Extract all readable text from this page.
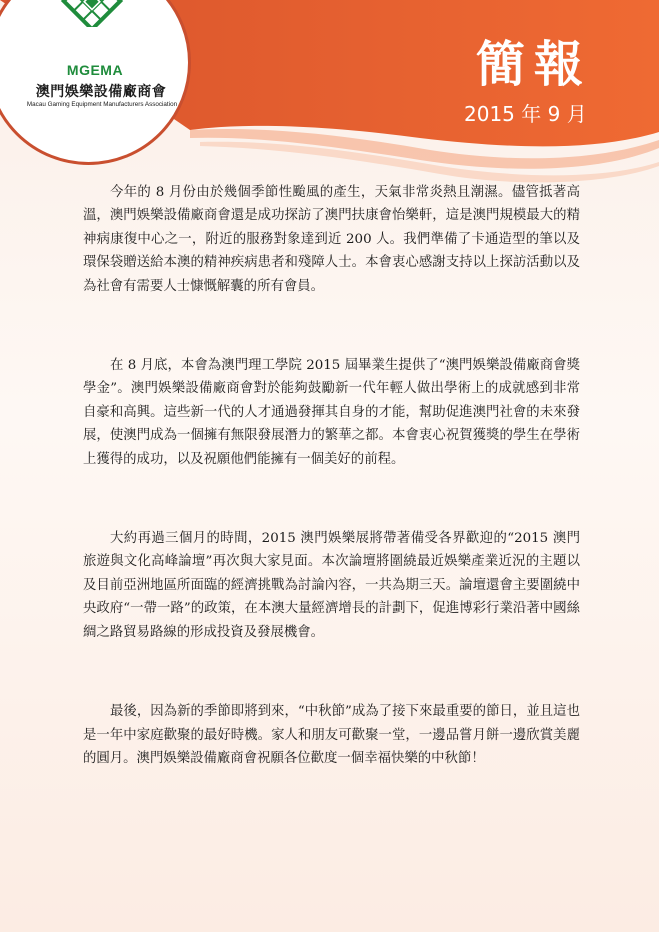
MGEMA
澳門娛樂設備廠商會
Macau Gaming Equipment Manufacturers Association
簡報
2015 年 9 月

今年的 8 月份由於幾個季節性颱風的產生，天氣非常炎熱且潮濕。儘管抵著高溫，澳門娛樂設備廠商會還是成功探訪了澳門扶康會怡樂軒，這是澳門規模最大的精神病康復中心之一，附近的服務對象達到近 200 人。我們準備了卡通造型的筆以及環保袋贈送給本澳的精神疾病患者和殘障人士。本會衷心感謝支持以上探訪活動以及為社會有需要人士慷慨解囊的所有會員。

在 8 月底，本會為澳門理工學院 2015 屆畢業生提供了“澳門娛樂設備廠商會獎學金”。澳門娛樂設備廠商會對於能夠鼓勵新一代年輕人做出學術上的成就感到非常自豪和高興。這些新一代的人才通過發揮其自身的才能，幫助促進澳門社會的未來發展，使澳門成為一個擁有無限發展潛力的繁華之都。本會衷心祝賀獲獎的學生在學術上獲得的成功，以及祝願他們能擁有一個美好的前程。

大約再過三個月的時間，2015 澳門娛樂展將帶著備受各界歡迎的“2015 澳門旅遊與文化高峰論壇”再次與大家見面。本次論壇將圍繞最近娛樂產業近況的主題以及目前亞洲地區所面臨的經濟挑戰為討論內容，一共為期三天。論壇還會主要圍繞中央政府“一帶一路”的政策，在本澳大量經濟增長的計劃下，促進博彩行業沿著中國絲綢之路貿易路線的形成投資及發展機會。

最後，因為新的季節即將到來，“中秋節”成為了接下來最重要的節日，並且這也是一年中家庭歡聚的最好時機。家人和朋友可歡聚一堂，一邊品嘗月餅一邊欣賞美麗的圓月。澳門娛樂設備廠商會祝願各位歡度一個幸福快樂的中秋節！
